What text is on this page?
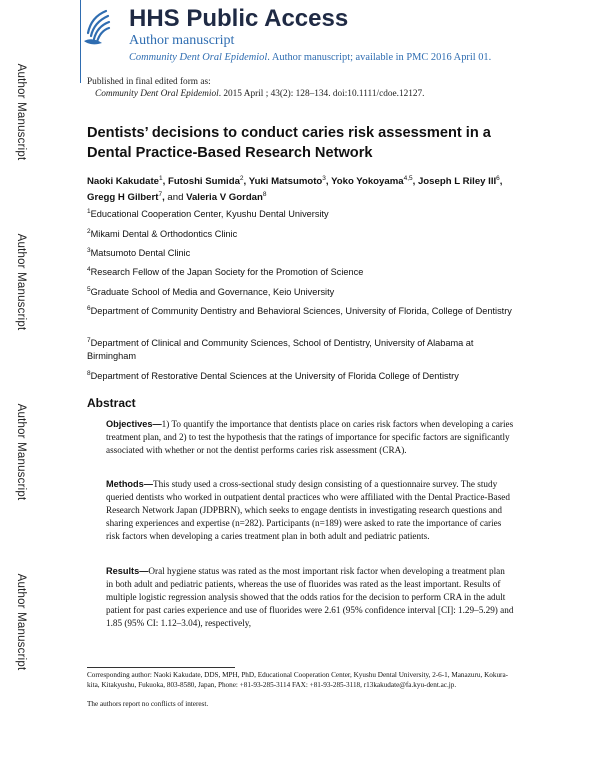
Author Manuscript
Author Manuscript
Author Manuscript
Author Manuscript
HHS Public Access
Author manuscript
Community Dent Oral Epidemiol. Author manuscript; available in PMC 2016 April 01.
Published in final edited form as:
Community Dent Oral Epidemiol. 2015 April ; 43(2): 128–134. doi:10.1111/cdoe.12127.
Dentists’ decisions to conduct caries risk assessment in a Dental Practice-Based Research Network
Naoki Kakudate$^1$, Futoshi Sumida$^2$, Yuki Matsumoto$^3$, Yoko Yokoyama$^{4,5}$, Joseph L Riley III$^6$, Gregg H Gilbert$^7$, and Valeria V Gordan$^8$
$^1$Educational Cooperation Center, Kyushu Dental University
$^2$Mikami Dental & Orthodontics Clinic
$^3$Matsumoto Dental Clinic
$^4$Research Fellow of the Japan Society for the Promotion of Science
$^5$Graduate School of Media and Governance, Keio University
$^6$Department of Community Dentistry and Behavioral Sciences, University of Florida, College of Dentistry
$^7$Department of Clinical and Community Sciences, School of Dentistry, University of Alabama at Birmingham
$^8$Department of Restorative Dental Sciences at the University of Florida College of Dentistry
Abstract
Objectives—1) To quantify the importance that dentists place on caries risk factors when developing a caries treatment plan, and 2) to test the hypothesis that the ratings of importance for specific factors are significantly associated with whether or not the dentist performs caries risk assessment (CRA).
Methods—This study used a cross-sectional study design consisting of a questionnaire survey. The study queried dentists who worked in outpatient dental practices who were affiliated with the Dental Practice-Based Research Network Japan (JDPBRN), which seeks to engage dentists in investigating research questions and sharing experiences and expertise (n=282). Participants (n=189) were asked to rate the importance of caries risk factors when developing a caries treatment plan in both adult and pediatric patients.
Results—Oral hygiene status was rated as the most important risk factor when developing a treatment plan in both adult and pediatric patients, whereas the use of fluorides was rated as the least important. Results of multiple logistic regression analysis showed that the odds ratios for the decision to perform CRA in the adult patient for past caries experience and use of fluorides were 2.61 (95% confidence interval [CI]: 1.29–5.29) and 1.85 (95% CI: 1.12–3.04), respectively,
Corresponding author: Naoki Kakudate, DDS, MPH, PhD, Educational Cooperation Center, Kyushu Dental University, 2-6-1, Manazuru, Kokura-kita, Kitakyushu, Fukuoka, 803-8580, Japan, Phone: +81-93-285-3114 FAX: +81-93-285-3118, r13kakudate@fa.kyu-dent.ac.jp.
The authors report no conflicts of interest.
